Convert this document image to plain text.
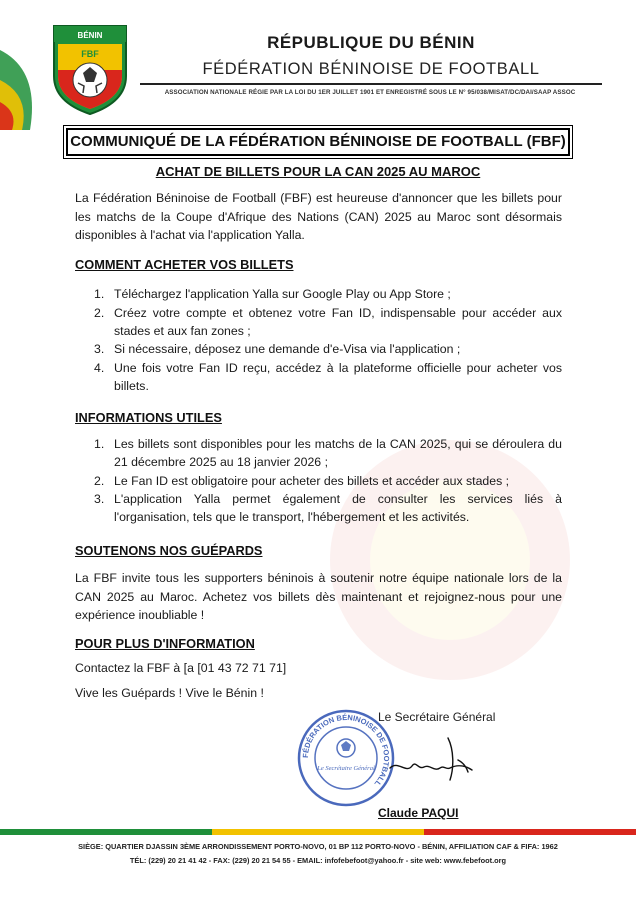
BÉNIN
FBF
RÉPUBLIQUE DU BÉNIN
FÉDÉRATION BÉNINOISE DE FOOTBALL
ASSOCIATION NATIONALE RÉGIE PAR LA LOI DU 1ER JUILLET 1901 ET ENREGISTRÉ SOUS LE N° 95/038/MISAT/DC/DAI/SAAP ASSOC
COMMUNIQUÉ DE LA FÉDÉRATION BÉNINOISE DE FOOTBALL (FBF)
ACHAT DE BILLETS POUR LA CAN 2025 AU MAROC
La Fédération Béninoise de Football (FBF) est heureuse d'annoncer que les billets pour les matchs de la Coupe d'Afrique des Nations (CAN) 2025 au Maroc sont désormais disponibles à l'achat via l'application Yalla.
COMMENT ACHETER VOS BILLETS
1. Téléchargez l'application Yalla sur Google Play ou App Store ;
2. Créez votre compte et obtenez votre Fan ID, indispensable pour accéder aux stades et aux fan zones ;
3. Si nécessaire, déposez une demande d'e-Visa via l'application ;
4. Une fois votre Fan ID reçu, accédez à la plateforme officielle pour acheter vos billets.
INFORMATIONS UTILES
1. Les billets sont disponibles pour les matchs de la CAN 2025, qui se déroulera du 21 décembre 2025 au 18 janvier 2026 ;
2. Le Fan ID est obligatoire pour acheter des billets et accéder aux stades ;
3. L'application Yalla permet également de consulter les services liés à l'organisation, tels que le transport, l'hébergement et les activités.
SOUTENONS NOS GUÉPARDS
La FBF invite tous les supporters béninois à soutenir notre équipe nationale lors de la CAN 2025 au Maroc. Achetez vos billets dès maintenant et rejoignez-nous pour une expérience inoubliable !
POUR PLUS D'INFORMATION
Contactez la FBF à [a [01 43 72 71 71]
Vive les Guépards ! Vive le Bénin !
Le Secrétaire Général
FÉDÉRATION BÉNINOISE DE FOOTBALL
Le Secrétaire Général
Claude PAQUI
SIÈGE: QUARTIER DJASSIN 3ÈME ARRONDISSEMENT PORTO-NOVO, 01 BP 112 PORTO-NOVO - BÉNIN, AFFILIATION CAF & FIFA: 1962
TÉL: (229) 20 21 41 42 - FAX: (229) 20 21 54 55 - EMAIL: infofebefoot@yahoo.fr - site web: www.febefoot.org
